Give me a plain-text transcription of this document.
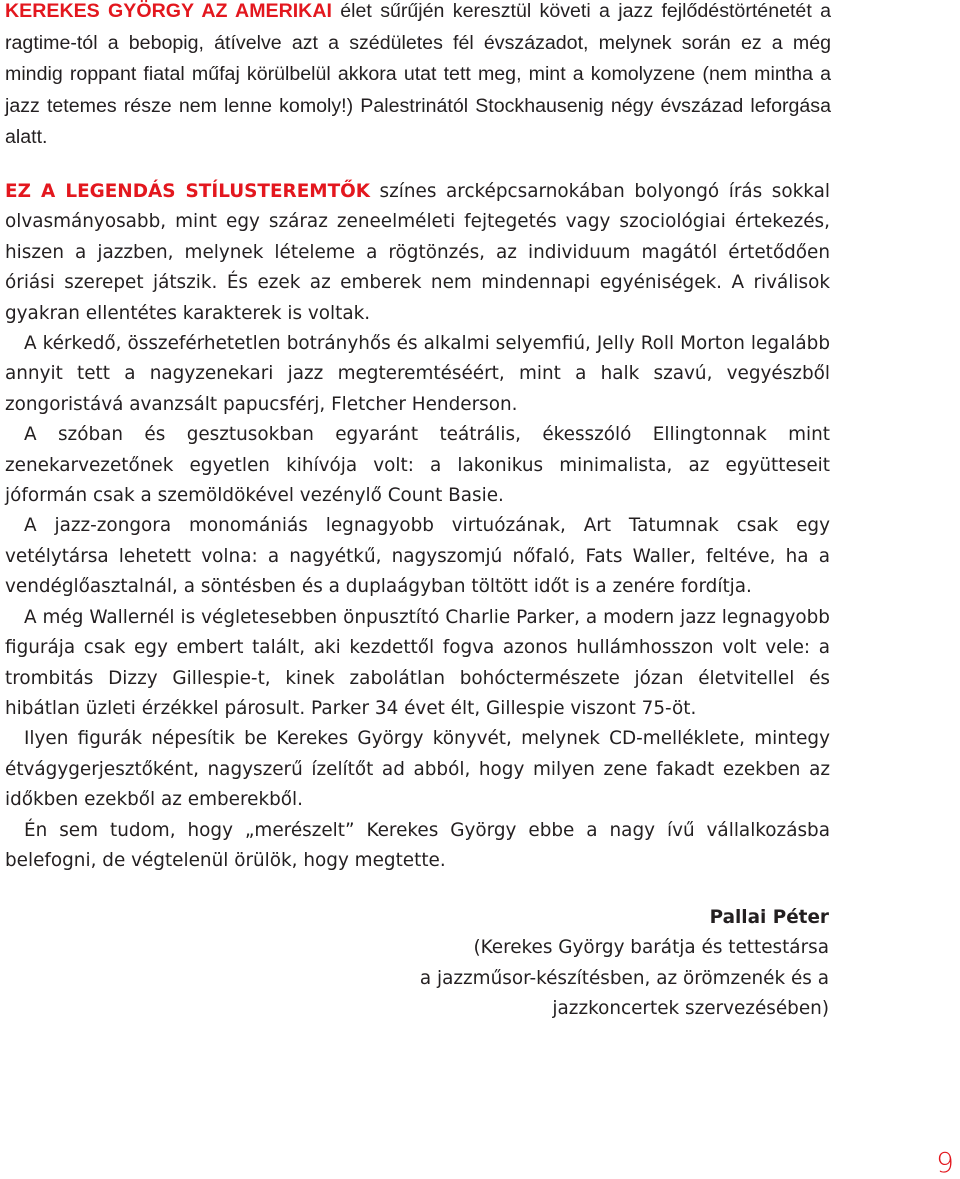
KEREKES GYÖRGY AZ AMERIKAI élet sűrűjén keresztül követi a jazz fejlődéstörténetét a ragtime-tól a bebopig, átívelve azt a szédületes fél évszázadot, melynek során ez a még mindig roppant fiatal műfaj körülbelül akkora utat tett meg, mint a komolyzene (nem mintha a jazz tetemes része nem lenne komoly!) Palestrinától Stockhausenig négy évszázad leforgása alatt.

EZ A LEGENDÁS STÍLUSTEREMTŐK színes arcképcsarnokában bolyongó írás sokkal olvasmányosabb, mint egy száraz zeneelméleti fejtegetés vagy szociológiai értekezés, hiszen a jazzben, melynek lételeme a rögtönzés, az individuum magától értetődően óriási szerepet játszik. És ezek az emberek nem mindennapi egyéniségek. A riválisok gyakran ellentétes karakterek is voltak.

A kérkedő, összeférhetetlen botrányhős és alkalmi selyemfiú, Jelly Roll Morton legalább annyit tett a nagyzenekari jazz megteremtéséért, mint a halk szavú, vegyészből zongoristává avanzsált papucsférj, Fletcher Henderson.

A szóban és gesztusokban egyaránt teátrális, ékesszóló Ellingtonnak mint zenekarvezetőnek egyetlen kihívója volt: a lakonikus minimalista, az együtteseit jóformán csak a szemöldökével vezénylő Count Basie.

A jazz-zongora monomániás legnagyobb virtuózának, Art Tatumnak csak egy vetélytársa lehetett volna: a nagyétkű, nagyszomjú nőfaló, Fats Waller, feltéve, ha a vendéglőasztalnál, a söntésben és a duplaágyban töltött időt is a zenére fordítja.

A még Wallernél is végletesebben önpusztító Charlie Parker, a modern jazz legnagyobb figurája csak egy embert talált, aki kezdettől fogva azonos hullámhosszon volt vele: a trombitás Dizzy Gillespie-t, kinek zabolátlan bohóctermészete józan életvitellel és hibátlan üzleti érzékkel párosult. Parker 34 évet élt, Gillespie viszont 75-öt.

Ilyen figurák népesítik be Kerekes György könyvét, melynek CD-melléklete, mintegy étvágygerjesztőként, nagyszerű ízelítőt ad abból, hogy milyen zene fakadt ezekben az időkben ezekből az emberekből.

Én sem tudom, hogy „merészelt” Kerekes György ebbe a nagy ívű vállalkozásba belefogni, de végtelenül örülök, hogy megtette.

Pallai Péter
(Kerekes György barátja és tettestársa
a jazzműsor-készítésben, az örömzenék és a
jazzkoncertek szervezésében)
9
